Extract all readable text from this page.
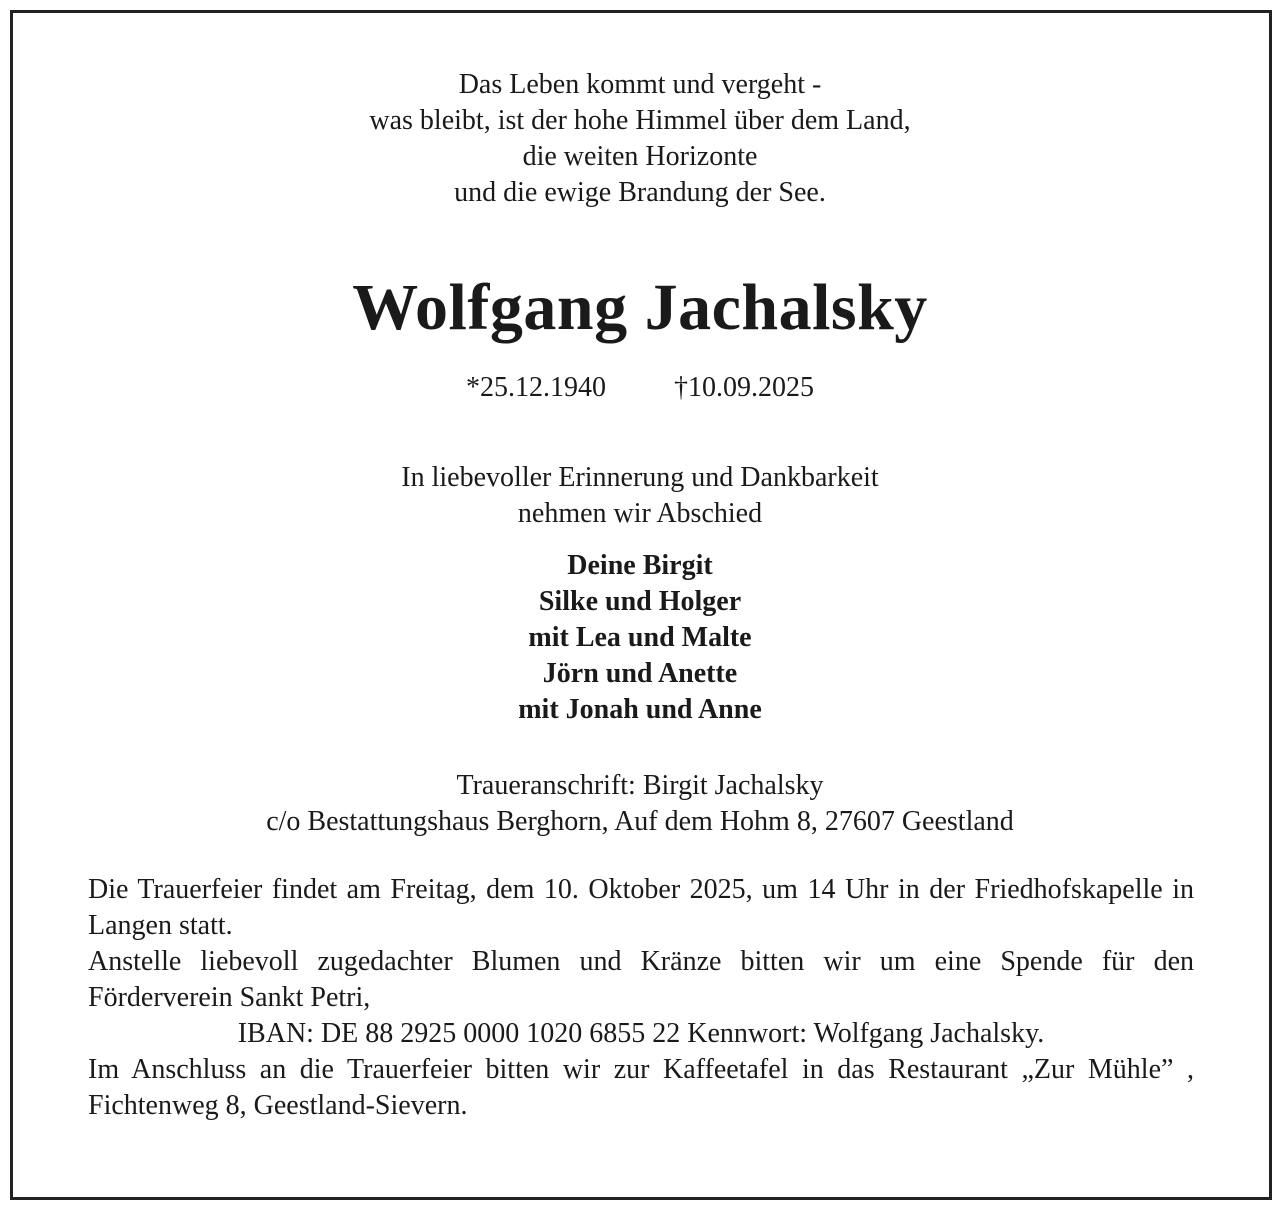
Das Leben kommt und vergeht -
was bleibt, ist der hohe Himmel über dem Land,
die weiten Horizonte
und die ewige Brandung der See.
Wolfgang Jachalsky
*25.12.1940 †10.09.2025
In liebevoller Erinnerung und Dankbarkeit
nehmen wir Abschied
Deine Birgit
Silke und Holger
mit Lea und Malte
Jörn und Anette
mit Jonah und Anne
Traueranschrift: Birgit Jachalsky
c/o Bestattungshaus Berghorn, Auf dem Hohm 8, 27607 Geestland
Die Trauerfeier findet am Freitag, dem 10. Oktober 2025, um 14 Uhr in der Friedhofskapelle in Langen statt.
Anstelle liebevoll zugedachter Blumen und Kränze bitten wir um eine Spende für den Förderverein Sankt Petri,
IBAN: DE 88 2925 0000 1020 6855 22 Kennwort: Wolfgang Jachalsky.
Im Anschluss an die Trauerfeier bitten wir zur Kaffeetafel in das Restaurant „Zur Mühle” , Fichtenweg 8, Geestland-Sievern.
